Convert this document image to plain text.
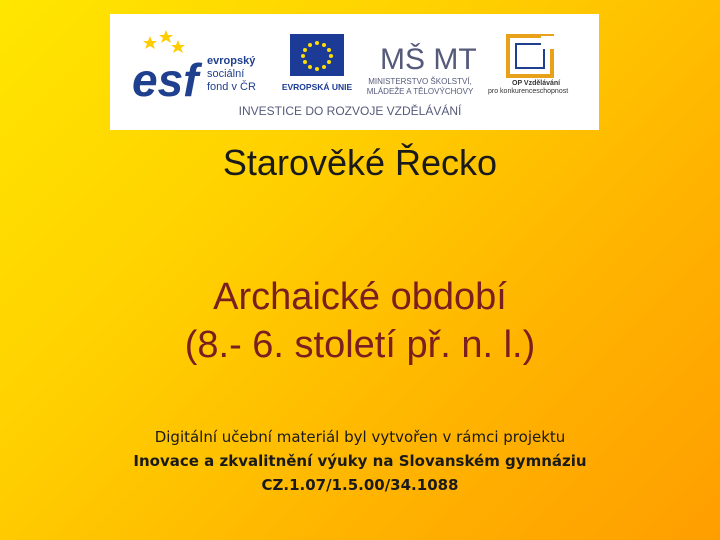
esf evropský
sociální
fond v ČR	EVROPSKÁ UNIE
MŠ MT
MINISTERSTVO ŠKOLSTVÍ,
MLÁDEŽE A TĚLOVÝCHOVY
OP Vzdělávání
pro konkurenceschopnost
INVESTICE DO ROZVOJE VZDĚLÁVÁNÍ
Starověké Řecko
Archaické období
(8.- 6. století př. n. l.)
Digitální učební materiál byl vytvořen v rámci projektu
Inovace a zkvalitnění výuky na Slovanském gymnáziu
CZ.1.07/1.5.00/34.1088
